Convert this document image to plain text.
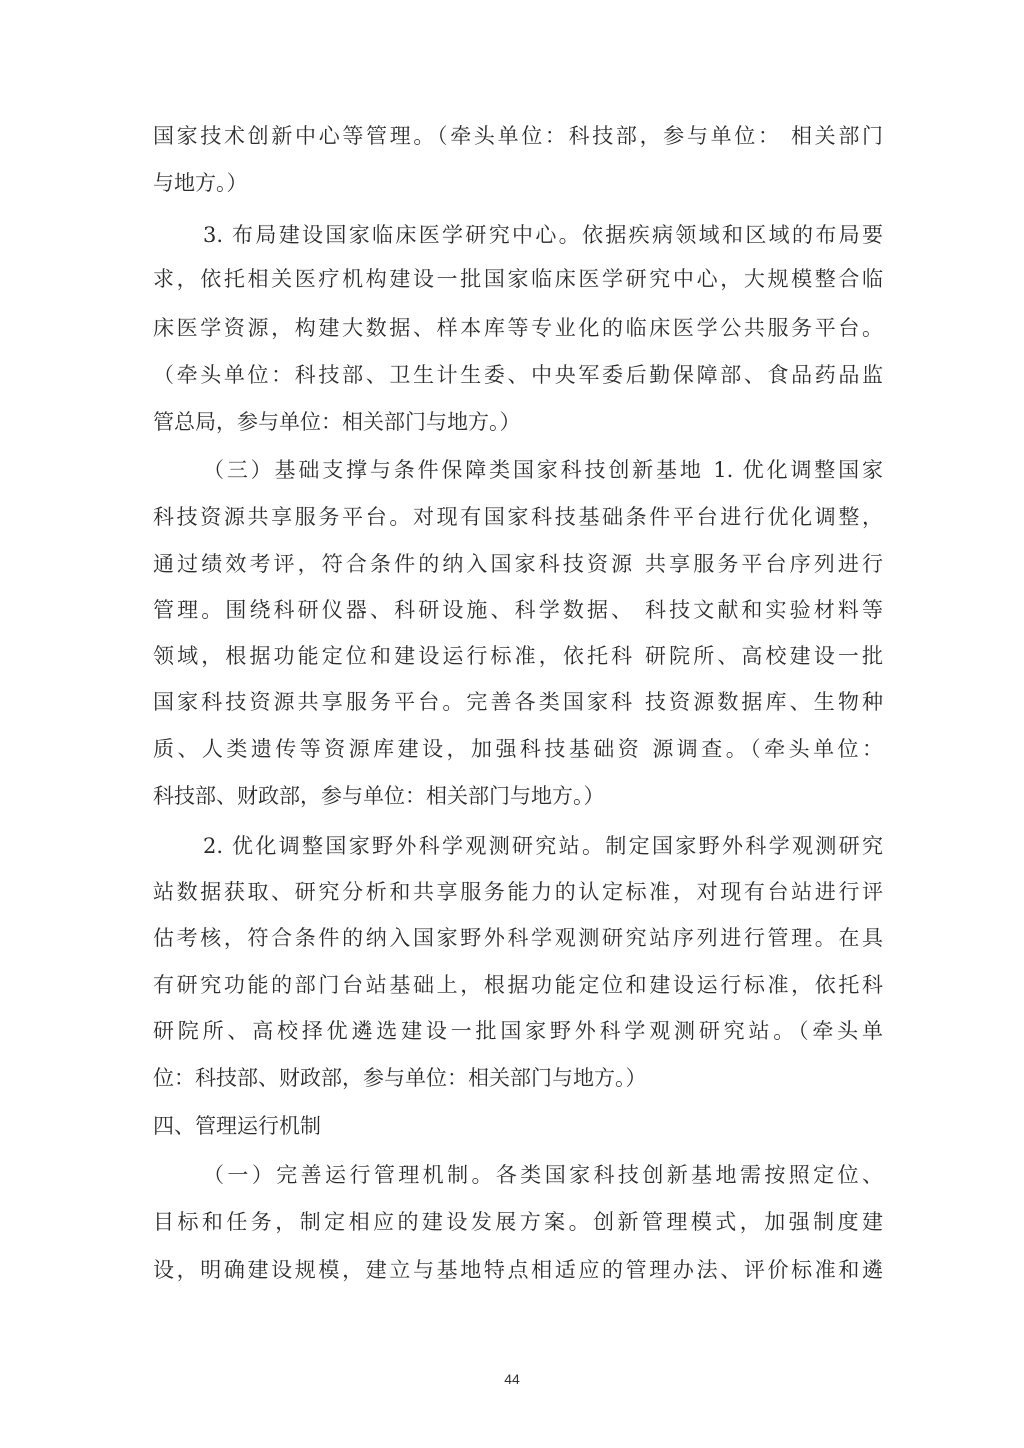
国家技术创新中心等管理。（牵头单位：科技部，参与单位： 相关部门
与地方。）
3. 布局建设国家临床医学研究中心。依据疾病领域和区域的布局要
求，依托相关医疗机构建设一批国家临床医学研究中心，大规模整合临
床医学资源，构建大数据、样本库等专业化的临床医学公共服务平台。
（牵头单位：科技部、卫生计生委、中央军委后勤保障部、食品药品监
管总局，参与单位：相关部门与地方。）
（三）基础支撑与条件保障类国家科技创新基地 1. 优化调整国家
科技资源共享服务平台。对现有国家科技基础条件平台进行优化调整，
通过绩效考评，符合条件的纳入国家科技资源 共享服务平台序列进行
管理。围绕科研仪器、科研设施、科学数据、 科技文献和实验材料等
领域，根据功能定位和建设运行标准，依托科 研院所、高校建设一批
国家科技资源共享服务平台。完善各类国家科 技资源数据库、生物种
质、人类遗传等资源库建设，加强科技基础资 源调查。（牵头单位：
科技部、财政部，参与单位：相关部门与地方。）
2. 优化调整国家野外科学观测研究站。制定国家野外科学观测研究
站数据获取、研究分析和共享服务能力的认定标准，对现有台站进行评
估考核，符合条件的纳入国家野外科学观测研究站序列进行管理。在具
有研究功能的部门台站基础上，根据功能定位和建设运行标准，依托科
研院所、高校择优遴选建设一批国家野外科学观测研究站。（牵头单
位：科技部、财政部，参与单位：相关部门与地方。）
四、管理运行机制
（一）完善运行管理机制。各类国家科技创新基地需按照定位、
目标和任务，制定相应的建设发展方案。创新管理模式，加强制度建
设，明确建设规模，建立与基地特点相适应的管理办法、评价标准和遴
44
